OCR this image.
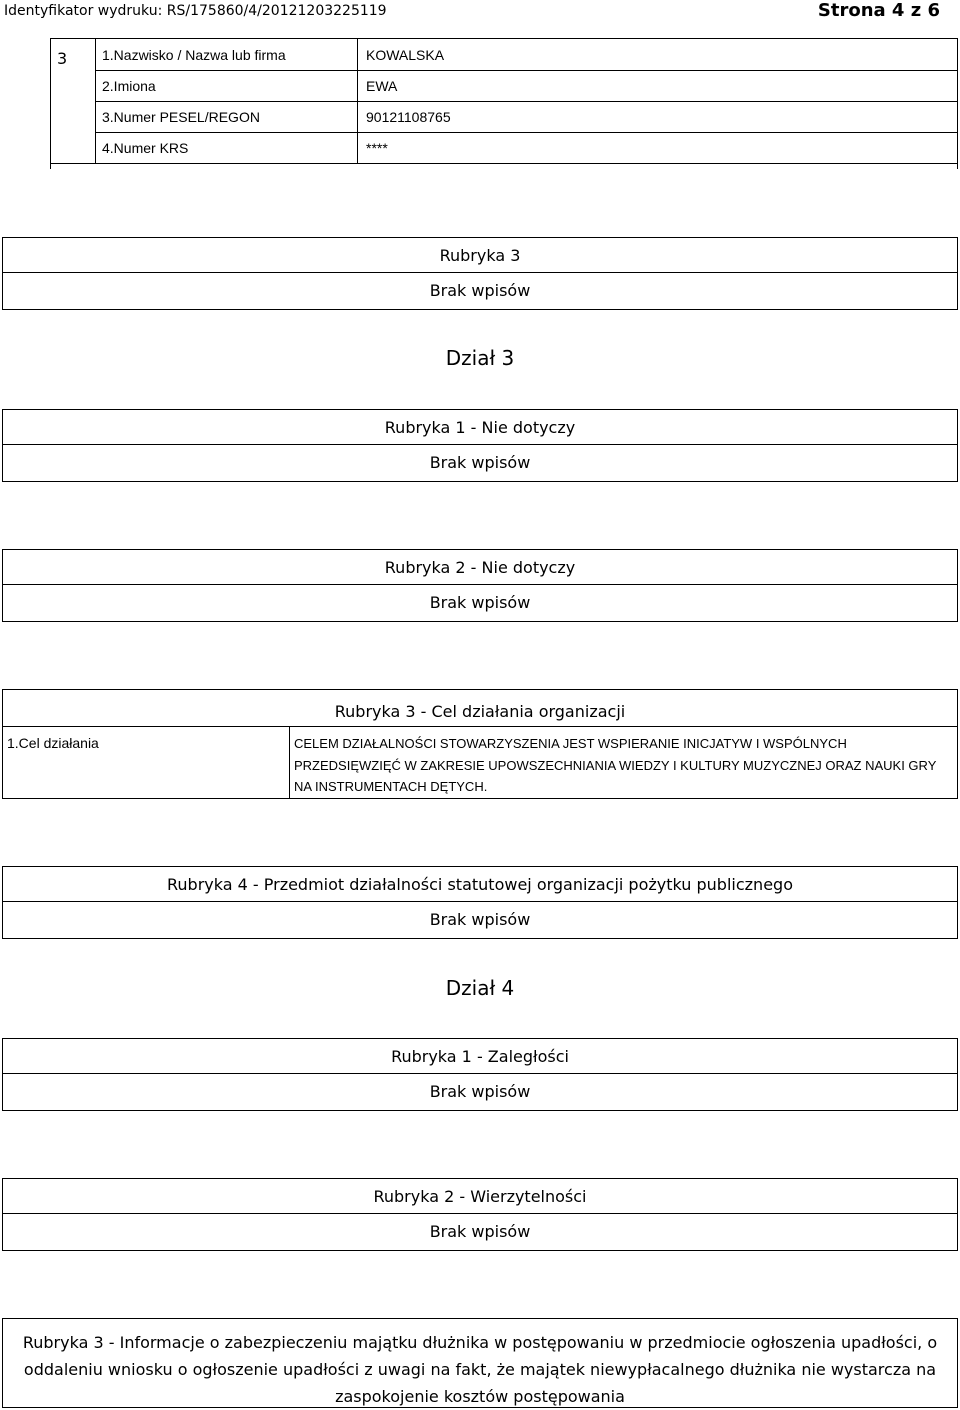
Identyfikator wydruku: RS/175860/4/20121203225119	Strona 4 z 6
3	1.Nazwisko / Nazwa lub firma	KOWALSKA
2.Imiona	EWA
3.Numer PESEL/REGON	90121108765
4.Numer KRS	****
Rubryka 3
Brak wpisów
Dział 3
Rubryka 1 - Nie dotyczy
Brak wpisów
Rubryka 2 - Nie dotyczy
Brak wpisów
Rubryka 3 - Cel działania organizacji
1.Cel działania	CELEM DZIAŁALNOŚCI STOWARZYSZENIA JEST WSPIERANIE INICJATYW I WSPÓLNYCH PRZEDSIĘWZIĘĆ W ZAKRESIE UPOWSZECHNIANIA WIEDZY I KULTURY MUZYCZNEJ ORAZ NAUKI GRY NA INSTRUMENTACH DĘTYCH.
Rubryka 4 - Przedmiot działalności statutowej organizacji pożytku publicznego
Brak wpisów
Dział 4
Rubryka 1 - Zaległości
Brak wpisów
Rubryka 2 - Wierzytelności
Brak wpisów
Rubryka 3 - Informacje o zabezpieczeniu majątku dłużnika w postępowaniu w przedmiocie ogłoszenia upadłości, o oddaleniu wniosku o ogłoszenie upadłości z uwagi na fakt, że majątek niewypłacalnego dłużnika nie wystarcza na zaspokojenie kosztów postępowania
